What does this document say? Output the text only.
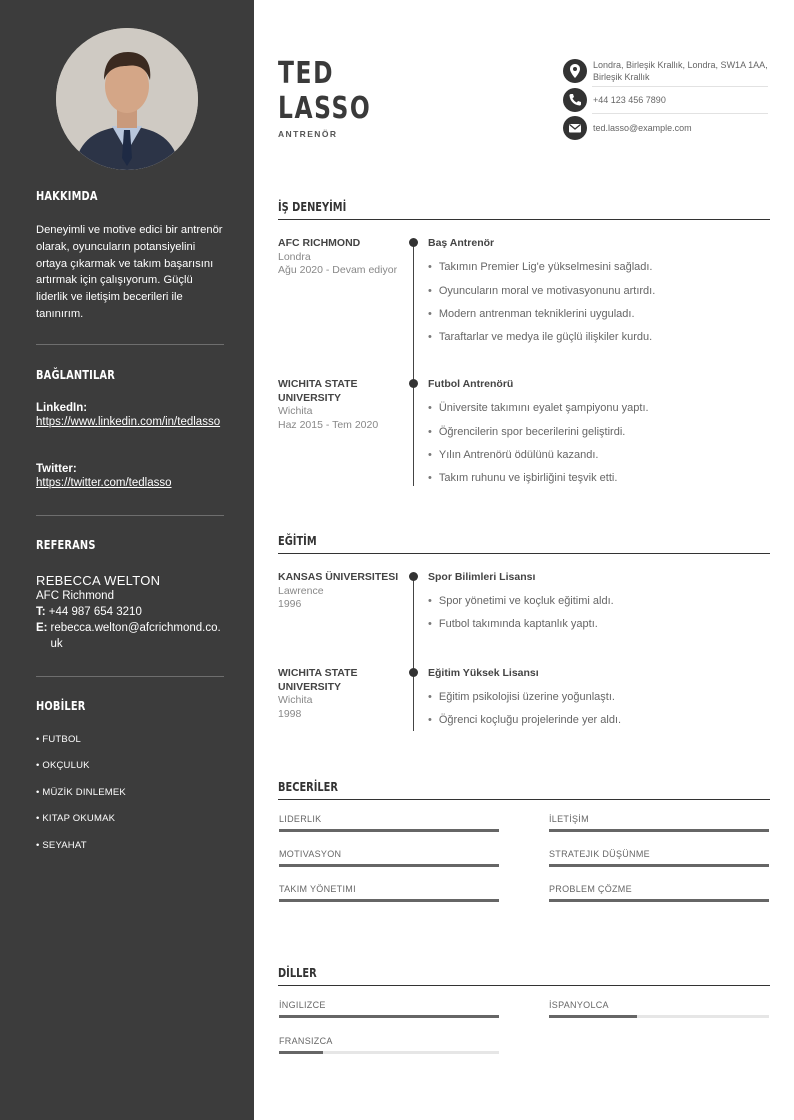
HAKKIMDA

Deneyimli ve motive edici bir antrenör olarak, oyuncuların potansiyelini ortaya çıkarmak ve takım başarısını artırmak için çalışıyorum. Güçlü liderlik ve iletişim becerileri ile tanınırım.

BAĞLANTILAR

LinkedIn:
https://www.linkedin.com/in/tedlasso
Twitter:
https://twitter.com/tedlasso

REFERANS

REBECCA WELTON
AFC Richmond
T: +44 987 654 3210
E: rebecca.welton@afcrichmond.co.uk

HOBİLER

• FUTBOL
• OKÇULUK
• MÜZİK DINLEMEK
• KITAP OKUMAK
• SEYAHAT
TED
LASSO
ANTRENÖR
Londra, Birleşik Krallık, Londra, SW1A 1AA, Birleşik Krallık
+44 123 456 7890
ted.lasso@example.com
İŞ DENEYİMİ
AFC RICHMOND
Londra
Ağu 2020 - Devam ediyor
Baş Antrenör
• Takımın Premier Lig'e yükselmesini sağladı.
• Oyuncuların moral ve motivasyonunu artırdı.
• Modern antrenman tekniklerini uyguladı.
• Taraftarlar ve medya ile güçlü ilişkiler kurdu.
WICHITA STATE UNIVERSITY
Wichita
Haz 2015 - Tem 2020
Futbol Antrenörü
• Üniversite takımını eyalet şampiyonu yaptı.
• Öğrencilerin spor becerilerini geliştirdi.
• Yılın Antrenörü ödülünü kazandı.
• Takım ruhunu ve işbirliğini teşvik etti.
EĞİTİM
KANSAS ÜNIVERSITESI
Lawrence
1996
Spor Bilimleri Lisansı
• Spor yönetimi ve koçluk eğitimi aldı.
• Futbol takımında kaptanlık yaptı.
WICHITA STATE UNIVERSITY
Wichita
1998
Eğitim Yüksek Lisansı
• Eğitim psikolojisi üzerine yoğunlaştı.
• Öğrenci koçluğu projelerinde yer aldı.
BECERİLER
LIDERLIK	İLETİŞİM
MOTIVASYON	STRATEJIK DÜŞÜNME
TAKIM YÖNETIMI	PROBLEM ÇÖZME
DİLLER
İNGILIZCE	İSPANYOLCA
FRANSIZCA
